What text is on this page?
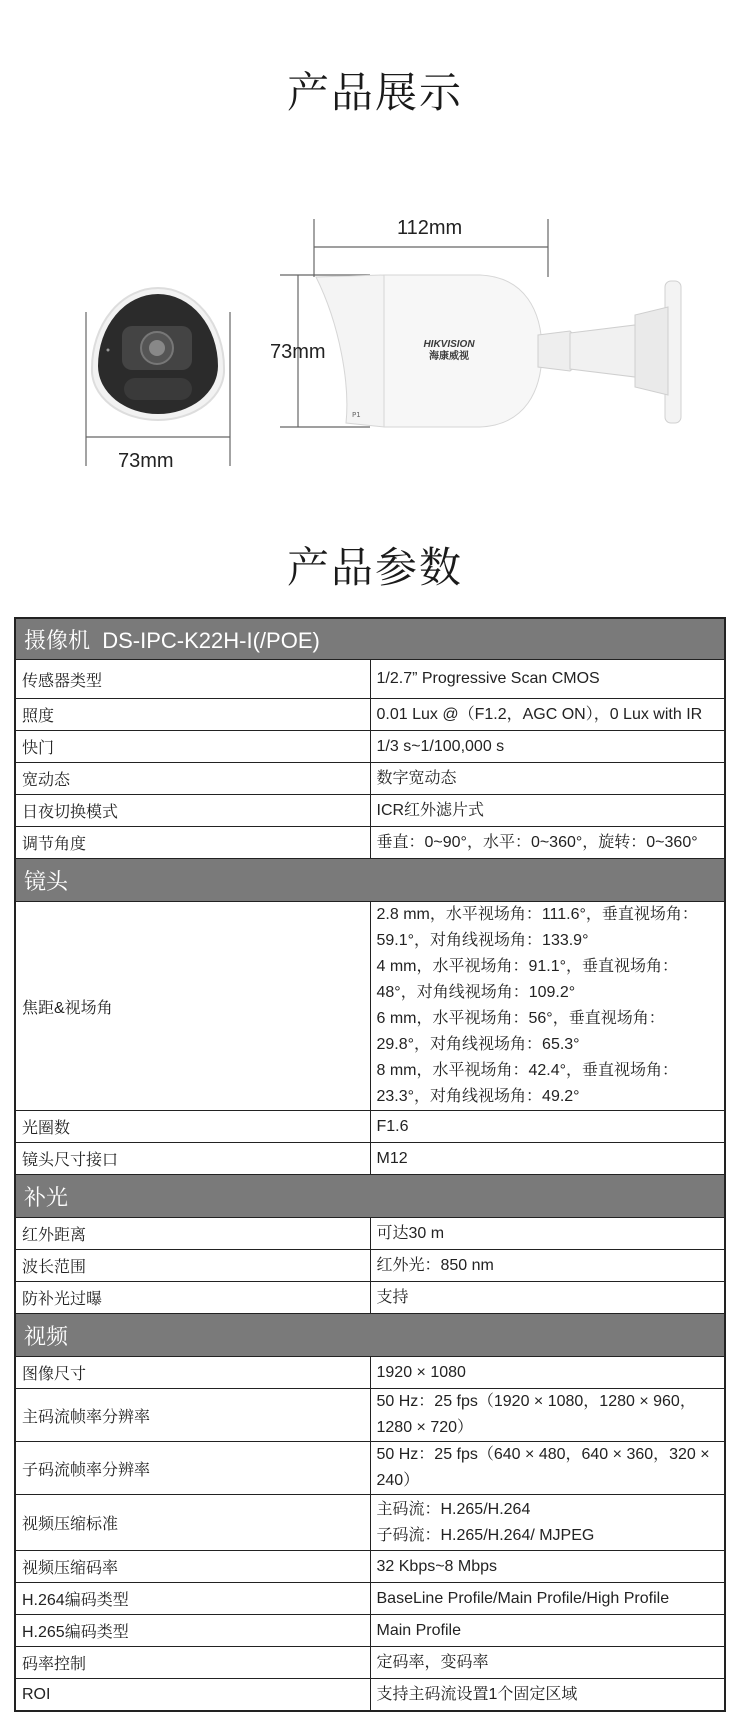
产品展示
73mm
P1
HIKVISION
海康威视
112mm
73mm
产品参数
摄像机 DS-IPC-K22H-I(/POE)	
传感器类型	1/2.7” Progressive Scan CMOS

照度	0.01 Lux @（F1.2，AGC ON），0 Lux with IR

快门	1/3 s~1/100,000 s

宽动态	数字宽动态

日夜切换模式	ICR红外滤片式

调节角度	垂直：0~90°，水平：0~360°，旋转：0~360°

镜头	
焦距&视场角	2.8 mm，水平视场角：111.6°，垂直视场角：59.1°，对角线视场角：133.9°
4 mm，水平视场角：91.1°，垂直视场角：48°，对角线视场角：109.2°
6 mm，水平视场角：56°，垂直视场角：29.8°，对角线视场角：65.3°
8 mm，水平视场角：42.4°，垂直视场角：23.3°，对角线视场角：49.2°

光圈数	F1.6

镜头尺寸接口	M12

补光	
红外距离	可达30 m

波长范围	红外光：850 nm

防补光过曝	支持

视频	
图像尺寸	1920 × 1080

主码流帧率分辨率	50 Hz：25 fps（1920 × 1080，1280 × 960，1280 × 720）

子码流帧率分辨率	50 Hz：25 fps（640 × 480，640 × 360，320 × 240）

视频压缩标准	主码流：H.265/H.264
子码流：H.265/H.264/ MJPEG

视频压缩码率	32 Kbps~8 Mbps

H.264编码类型	BaseLine Profile/Main Profile/High Profile

H.265编码类型	Main Profile

码率控制	定码率，变码率

ROI	支持主码流设置1个固定区域
